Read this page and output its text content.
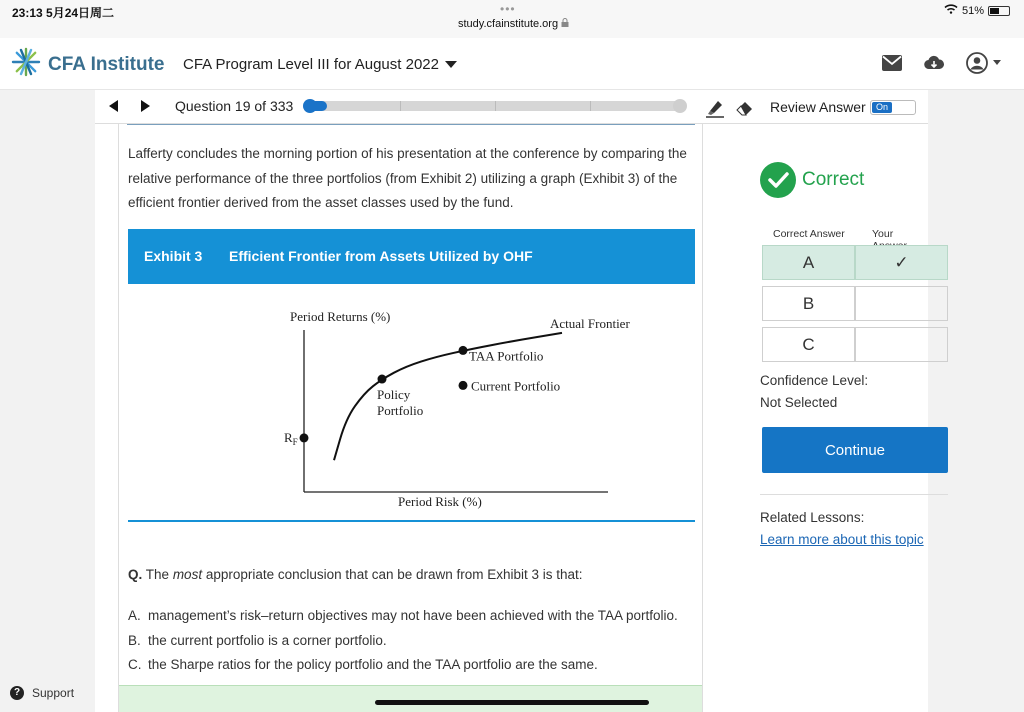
23:13 5月24日周二	•••
study.cfainstitute.org
51%
CFA Institute CFA Program Level III for August 2022
Question 19 of 333	Review Answer	On

Lafferty concludes the morning portion of his presentation at the conference by comparing the relative performance of the three portfolios (from Exhibit 2) utilizing a graph (Exhibit 3) of the efficient frontier derived from the asset classes used by the fund.

Exhibit 3 Efficient Frontier from Assets Utilized by OHF
Period Returns (%)
Period Risk (%)
Actual Frontier
$R_F$
Policy
Portfolio
TAA Portfolio
Current Portfolio
Q. The most appropriate conclusion that can be drawn from Exhibit 3 is that:
A. management’s risk–return objectives may not have been achieved with the TAA portfolio.
B. the current portfolio is a corner portfolio.
C. the Sharpe ratios for the policy portfolio and the TAA portfolio are the same.
Correct
Correct Answer	Your
A	✓
B
C
Confidence Level:
Not Selected
Continue
Related Lessons:
Learn more about this topic
? Support
